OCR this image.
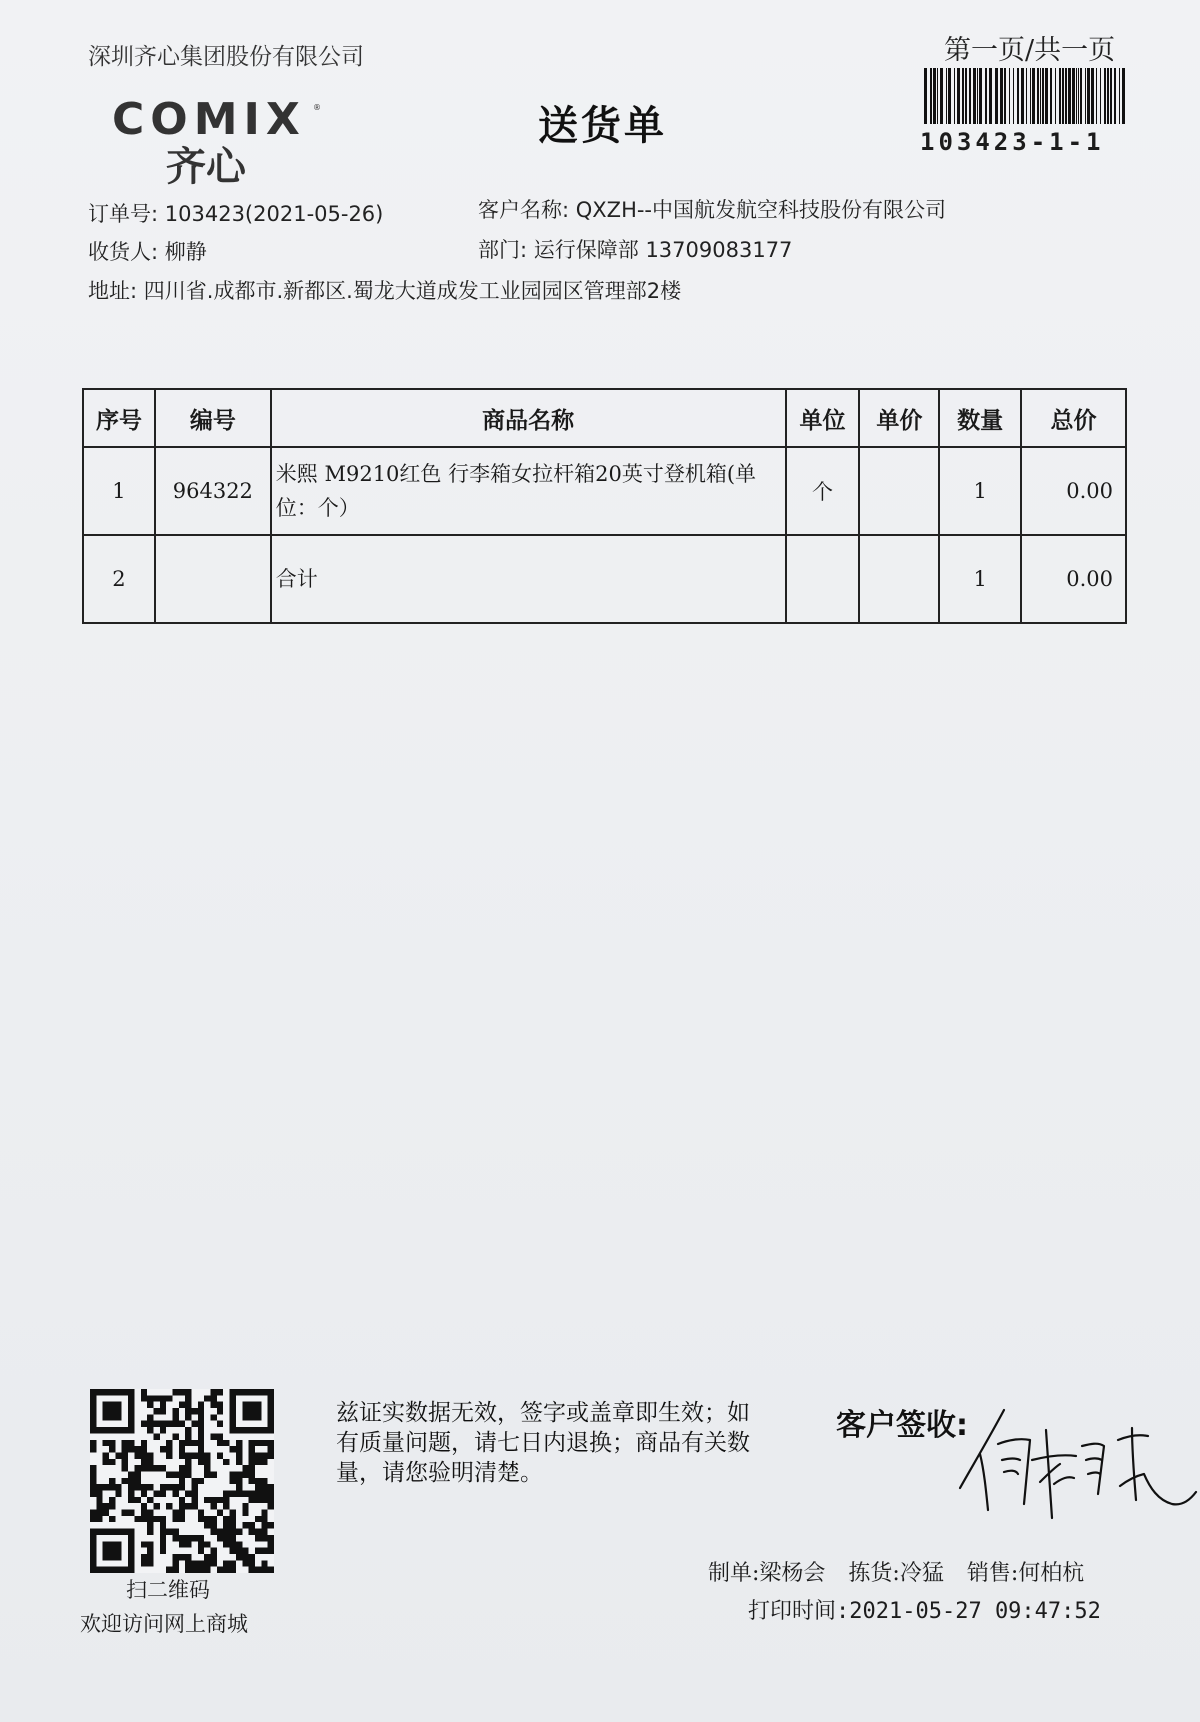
深圳齐心集团股份有限公司	第一页/共一页
103423-1-1
COMIX ®
齐心
送货单
订单号: 103423(2021-05-26)	客户名称: QXZH--中国航发航空科技股份有限公司
收货人: 柳静	部门: 运行保障部 13709083177
地址: 四川省.成都市.新都区.蜀龙大道成发工业园园区管理部2楼
序号	编号	商品名称	单位	单价	数量	总价
1	964322	米熙 M9210红色 行李箱女拉杆箱20英寸登机箱(单位：个）	个		1	0.00
2		合计			1	0.00
扫二维码
欢迎访问网上商城
兹证实数据无效，签字或盖章即生效；如有质量问题，请七日内退换；商品有关数量，请您验明清楚。
客户签收:
制单:梁杨会 拣货:冷猛 销售:何柏杭
打印时间:2021-05-27 09:47:52
